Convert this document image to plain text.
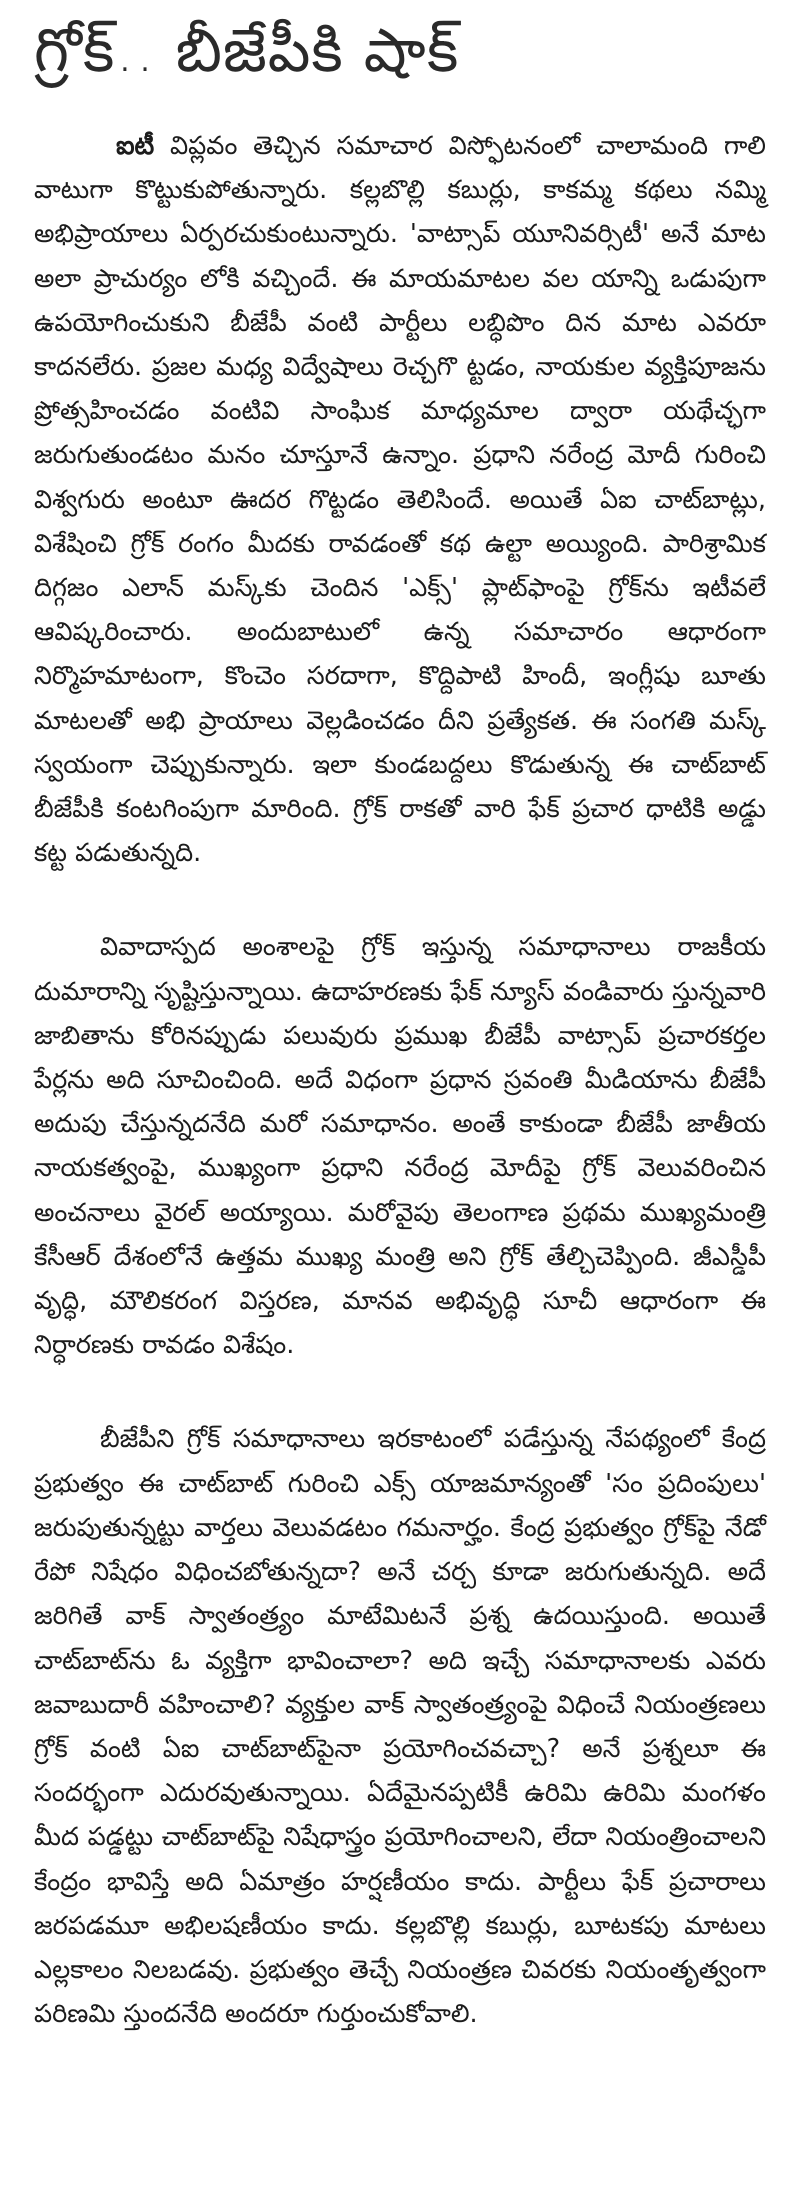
గ్రోక్.. బీజేపీకి షాక్

ఐటీ విప్లవం తెచ్చిన సమాచార విస్ఫోటనంలో చాలామంది గాలి వాటుగా కొట్టుకుపోతున్నారు. కల్లబొల్లి కబుర్లు, కాకమ్మ కథలు నమ్మి అభిప్రాయాలు ఏర్పరచుకుంటున్నారు. 'వాట్సాప్ యూనివర్సిటీ' అనే మాట అలా ప్రాచుర్యం లోకి వచ్చిందే. ఈ మాయమాటల వల యాన్ని ఒడుపుగా ఉపయోగించుకుని బీజేపీ వంటి పార్టీలు లబ్ధిపొం దిన మాట ఎవరూ కాదనలేరు. ప్రజల మధ్య విద్వేషాలు రెచ్చగొ ట్టడం, నాయకుల వ్యక్తిపూజను ప్రోత్సహించడం వంటివి సాంఘిక మాధ్యమాల ద్వారా యథేచ్ఛగా జరుగుతుండటం మనం చూస్తూనే ఉన్నాం. ప్రధాని నరేంద్ర మోదీ గురించి విశ్వగురు అంటూ ఊదర గొట్టడం తెలిసిందే. అయితే ఏఐ చాట్‌బాట్లు, విశేషించి గ్రోక్ రంగం మీదకు రావడంతో కథ ఉల్టా అయ్యింది. పారిశ్రామిక దిగ్గజం ఎలాన్ మస్క్‌కు చెందిన 'ఎక్స్' ప్లాట్‌ఫాంపై గ్రోక్‌ను ఇటీవలే ఆవిష్కరించారు. అందుబాటులో ఉన్న సమాచారం ఆధారంగా నిర్మొహమాటంగా, కొంచెం సరదాగా, కొద్దిపాటి హిందీ, ఇంగ్లీషు బూతు మాటలతో అభి ప్రాయాలు వెల్లడించడం దీని ప్రత్యేకత. ఈ సంగతి మస్క్ స్వయంగా చెప్పుకున్నారు. ఇలా కుండబద్దలు కొడుతున్న ఈ చాట్‌బాట్ బీజేపీకి కంటగింపుగా మారింది. గ్రోక్ రాకతో వారి ఫేక్ ప్రచార ధాటికి అడ్డు కట్ట పడుతున్నది.

వివాదాస్పద అంశాలపై గ్రోక్ ఇస్తున్న సమాధానాలు రాజకీయ దుమారాన్ని సృష్టిస్తున్నాయి. ఉదాహరణకు ఫేక్ న్యూస్ వండివారు స్తున్నవారి జాబితాను కోరినప్పుడు పలువురు ప్రముఖ బీజేపీ వాట్సాప్ ప్రచారకర్తల పేర్లను అది సూచించింది. అదే విధంగా ప్రధాన స్రవంతి మీడియాను బీజేపీ అదుపు చేస్తున్నదనేది మరో సమాధానం. అంతే కాకుండా బీజేపీ జాతీయ నాయకత్వంపై, ముఖ్యంగా ప్రధాని నరేంద్ర మోదీపై గ్రోక్ వెలువరించిన అంచనాలు వైరల్ అయ్యాయి. మరోవైపు తెలంగాణ ప్రథమ ముఖ్యమంత్రి కేసీఆర్ దేశంలోనే ఉత్తమ ముఖ్య మంత్రి అని గ్రోక్ తేల్చిచెప్పింది. జీఎస్డీపీ వృద్ధి, మౌలికరంగ విస్తరణ, మానవ అభివృద్ధి సూచీ ఆధారంగా ఈ నిర్ధారణకు రావడం విశేషం.

బీజేపీని గ్రోక్ సమాధానాలు ఇరకాటంలో పడేస్తున్న నేపథ్యంలో కేంద్ర ప్రభుత్వం ఈ చాట్‌బాట్ గురించి ఎక్స్ యాజమాన్యంతో 'సం ప్రదింపులు' జరుపుతున్నట్టు వార్తలు వెలువడటం గమనార్హం. కేంద్ర ప్రభుత్వం గ్రోక్‌పై నేడో రేపో నిషేధం విధించబోతున్నదా? అనే చర్చ కూడా జరుగుతున్నది. అదే జరిగితే వాక్ స్వాతంత్ర్యం మాటేమిటనే ప్రశ్న ఉదయిస్తుంది. అయితే చాట్‌బాట్‌ను ఓ వ్యక్తిగా భావించాలా? అది ఇచ్చే సమాధానాలకు ఎవరు జవాబుదారీ వహించాలి? వ్యక్తుల వాక్ స్వాతంత్ర్యంపై విధించే నియంత్రణలు గ్రోక్ వంటి ఏఐ చాట్‌బాట్‌పైనా ప్రయోగించవచ్చా? అనే ప్రశ్నలూ ఈ సందర్భంగా ఎదురవుతున్నాయి. ఏదేమైనప్పటికీ ఉరిమి ఉరిమి మంగళం మీద పడ్డట్టు చాట్‌బాట్‌పై నిషేధాస్త్రం ప్రయోగించాలని, లేదా నియంత్రించాలని కేంద్రం భావిస్తే అది ఏమాత్రం హర్షణీయం కాదు. పార్టీలు ఫేక్ ప్రచారాలు జరపడమూ అభిలషణీయం కాదు. కల్లబొల్లి కబుర్లు, బూటకపు మాటలు ఎల్లకాలం నిలబడవు. ప్రభుత్వం తెచ్చే నియంత్రణ చివరకు నియంతృత్వంగా పరిణమి స్తుందనేది అందరూ గుర్తుంచుకోవాలి.
